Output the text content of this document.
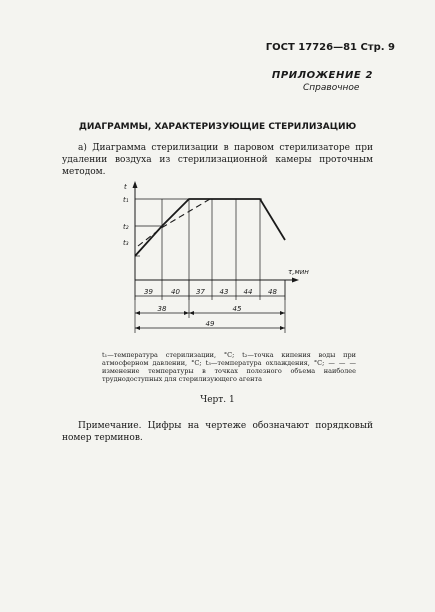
ГОСТ 17726—81 Стр. 9
ПРИЛОЖЕНИЕ 2
Справочное
ДИАГРАММЫ, ХАРАКТЕРИЗУЮЩИЕ СТЕРИЛИЗАЦИЮ
а) Диаграмма стерилизации в паровом стерилизаторе при удалении воздуха из стерилизационной камеры проточным методом.
39	40 37 43 44 48
38	45
49
t
t₁
t₂
t₃
τ,мин
t₁—температура стерилизации, °С; t₂—точка кипения воды при атмосферном давлении, °С; t₃—температура охлаждения, °С; — — —изменение температуры в точках полезного объема наиболее труднодоступных для стерилизующего агента
Черт. 1
Примечание. Цифры на чертеже обозначают порядковый номер терминов.
